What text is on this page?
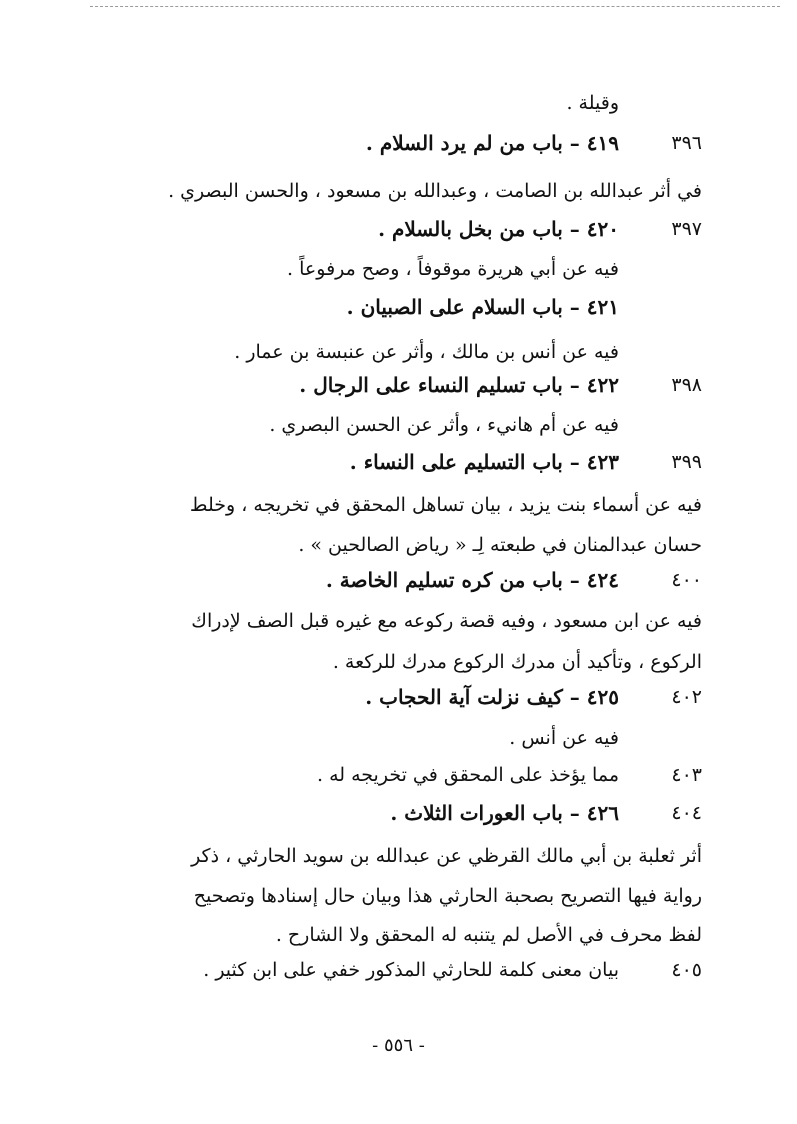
وقيلة .
٣٩٦
٤١٩ – باب من لم يرد السلام .
في أثر عبدالله بن الصامت ، وعبدالله بن مسعود ، والحسن البصري .
٣٩٧
٤٢٠ – باب من بخل بالسلام .
فيه عن أبي هريرة موقوفاً ، وصح مرفوعاً .
٤٢١ – باب السلام على الصبيان .
فيه عن أنس بن مالك ، وأثر عن عنبسة بن عمار .
٣٩٨
٤٢٢ – باب تسليم النساء على الرجال .
فيه عن أم هانيء ، وأثر عن الحسن البصري .
٣٩٩
٤٢٣ – باب التسليم على النساء .
فيه عن أسماء بنت يزيد ، بيان تساهل المحقق في تخريجه ، وخلط
حسان عبدالمنان في طبعته لِـ « رياض الصالحين » .
٤٠٠
٤٢٤ – باب من كره تسليم الخاصة .
فيه عن ابن مسعود ، وفيه قصة ركوعه مع غيره قبل الصف لإدراك
الركوع ، وتأكيد أن مدرك الركوع مدرك للركعة .
٤٠٢
٤٢٥ – كيف نزلت آية الحجاب .
فيه عن أنس .
٤٠٣
مما يؤخذ على المحقق في تخريجه له .
٤٠٤
٤٢٦ – باب العورات الثلاث .
أثر ثعلبة بن أبي مالك القرظي عن عبدالله بن سويد الحارثي ، ذكر
رواية فيها التصريح بصحبة الحارثي هذا وبيان حال إسنادها وتصحيح
لفظ محرف في الأصل لم يتنبه له المحقق ولا الشارح .
٤٠٥
بيان معنى كلمة للحارثي المذكور خفي على ابن كثير .
- ٥٥٦ -
